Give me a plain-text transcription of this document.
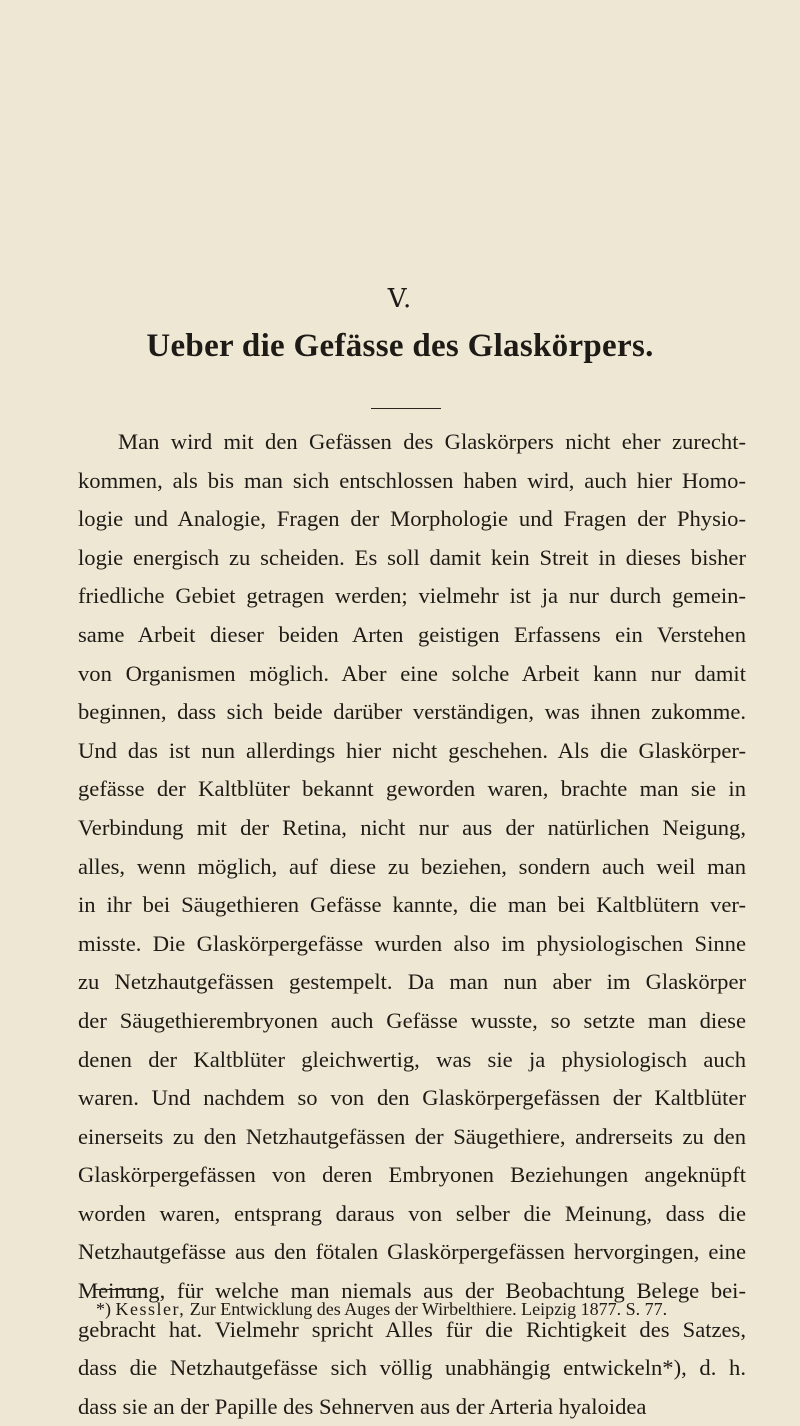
V.
Ueber die Gefässe des Glaskörpers.
Man wird mit den Gefässen des Glaskörpers nicht eher zurecht-
kommen, als bis man sich entschlossen haben wird, auch hier Homo-
logie und Analogie, Fragen der Morphologie und Fragen der Physio-
logie energisch zu scheiden. Es soll damit kein Streit in dieses bisher
friedliche Gebiet getragen werden; vielmehr ist ja nur durch gemein-
same Arbeit dieser beiden Arten geistigen Erfassens ein Verstehen
von Organismen möglich. Aber eine solche Arbeit kann nur damit
beginnen, dass sich beide darüber verständigen, was ihnen zukomme.
Und das ist nun allerdings hier nicht geschehen. Als die Glaskörper-
gefässe der Kaltblüter bekannt geworden waren, brachte man sie in
Verbindung mit der Retina, nicht nur aus der natürlichen Neigung,
alles, wenn möglich, auf diese zu beziehen, sondern auch weil man
in ihr bei Säugethieren Gefässe kannte, die man bei Kaltblütern ver-
misste. Die Glaskörpergefässe wurden also im physiologischen Sinne
zu Netzhautgefässen gestempelt. Da man nun aber im Glaskörper
der Säugethierembryonen auch Gefässe wusste, so setzte man diese
denen der Kaltblüter gleichwertig, was sie ja physiologisch auch
waren. Und nachdem so von den Glaskörpergefässen der Kaltblüter
einerseits zu den Netzhautgefässen der Säugethiere, andrerseits zu den
Glaskörpergefässen von deren Embryonen Beziehungen angeknüpft
worden waren, entsprang daraus von selber die Meinung, dass die
Netzhautgefässe aus den fötalen Glaskörpergefässen hervorgingen, eine
Meinung, für welche man niemals aus der Beobachtung Belege bei-
gebracht hat. Vielmehr spricht Alles für die Richtigkeit des Satzes,
dass die Netzhautgefässe sich völlig unabhängig entwickeln*), d. h.
dass sie an der Papille des Sehnerven aus der Arteria hyaloidea
*) Kessler, Zur Entwicklung des Auges der Wirbelthiere. Leipzig 1877. S. 77.
